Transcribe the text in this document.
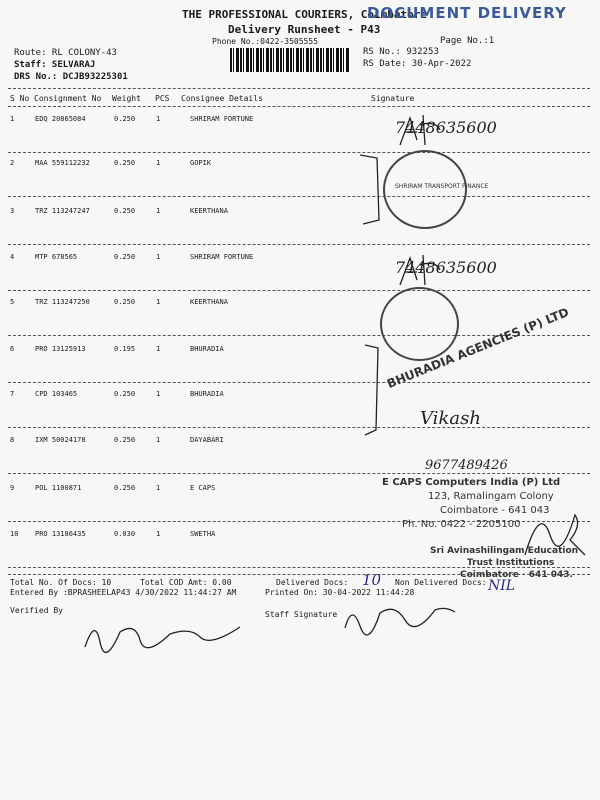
THE PROFESSIONAL COURIERS, Coimbatore
DOCUMENT DELIVERY
Delivery Runsheet - P43
Phone No.:0422-3505555	Page No.:1
Route: RL COLONY-43
Staff: SELVARAJ
DRS No.: DCJB93225301
RS No.: 932253
RS Date: 30-Apr-2022
S No Consignment No Weight PCS Consignee Details	Signature
1	EDQ 20865084	0.250	1	SHRIRAM FORTUNE
2	MAA 559112232	0.250	1	GOPIK
3	TRZ 113247247	0.250	1	KEERTHANA
4	MTP 678565	0.250	1	SHRIRAM FORTUNE
5	TRZ 113247250	0.250	1	KEERTHANA
6	PRO 13125913	0.195	1	BHURADIA
7	CPD 103465	0.250	1	BHURADIA
8	IXM 50024178	0.250	1	DAYABARI
9	POL 1100871	0.250	1	E CAPS
10 PRO 13186435	0.030	1	SWETHA
7448635600
7448635600
SHRIRAM TRANSPORT FINANCE
BHURADIA AGENCIES (P) LTD
Vikash
9677489426
E CAPS Computers India (P) Ltd
123, Ramalingam Colony
Coimbatore - 641 043
Ph. No. 0422 - 2205100
Sri Avinashilingam Education
Trust Institutions
Coimbatore - 641 043.
Total No. Of Docs: 10	Total COD Amt: 0.00	Delivered Docs: 10 Non Delivered Docs: NIL
Entered By :BPRASHEELAP43 4/30/2022 11:44:27 AM	Printed On: 30-04-2022 11:44:28
Verified By	Staff Signature
